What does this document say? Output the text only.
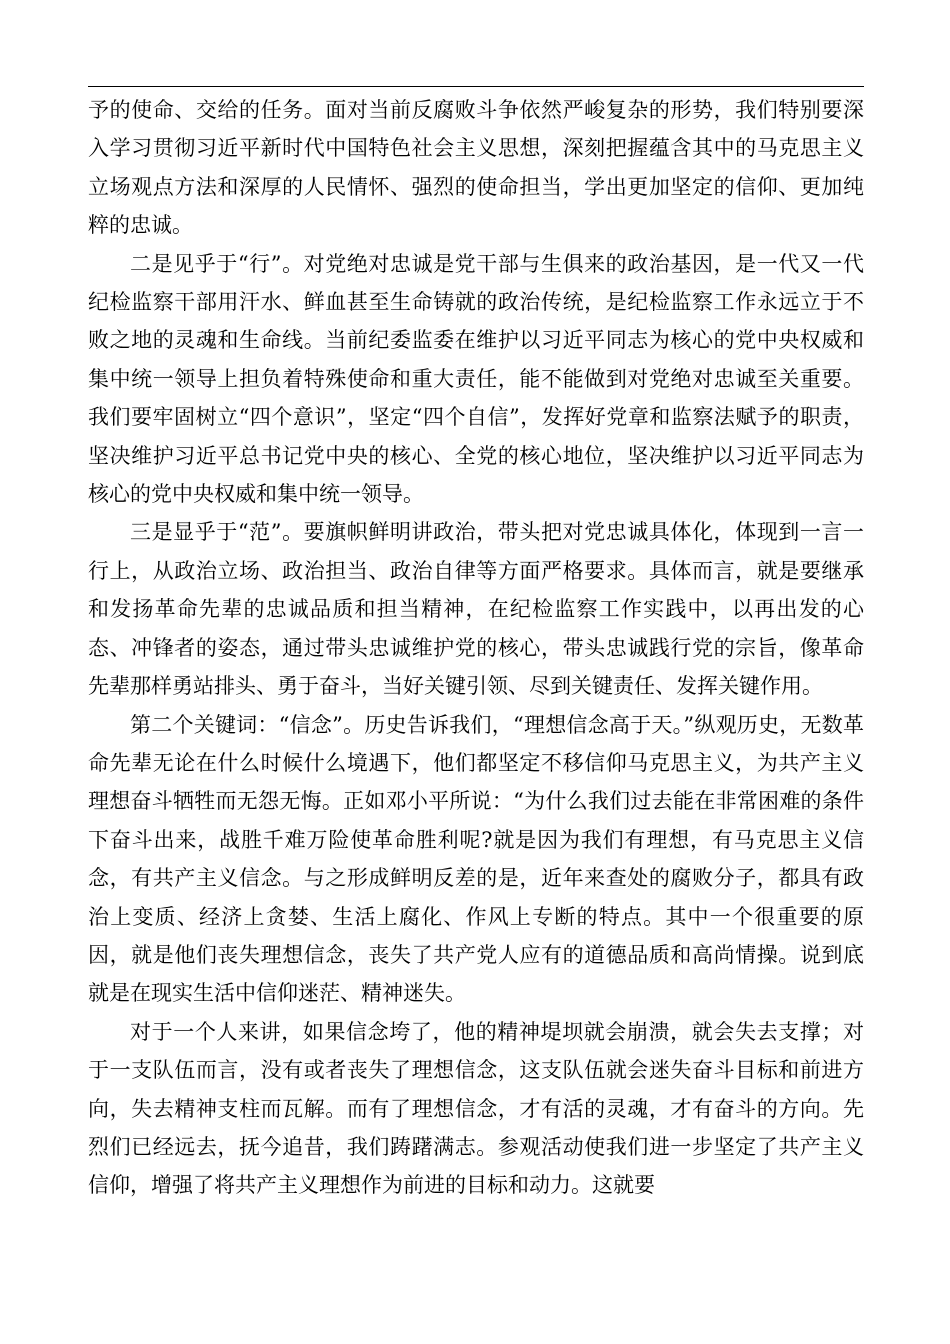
予的使命、交给的任务。面对当前反腐败斗争依然严峻复杂的形势，我们特别要深入学习贯彻习近平新时代中国特色社会主义思想，深刻把握蕴含其中的马克思主义立场观点方法和深厚的人民情怀、强烈的使命担当，学出更加坚定的信仰、更加纯粹的忠诚。

二是见乎于“行”。对党绝对忠诚是党干部与生俱来的政治基因，是一代又一代纪检监察干部用汗水、鲜血甚至生命铸就的政治传统，是纪检监察工作永远立于不败之地的灵魂和生命线。当前纪委监委在维护以习近平同志为核心的党中央权威和集中统一领导上担负着特殊使命和重大责任，能不能做到对党绝对忠诚至关重要。我们要牢固树立“四个意识”，坚定“四个自信”，发挥好党章和监察法赋予的职责，坚决维护习近平总书记党中央的核心、全党的核心地位，坚决维护以习近平同志为核心的党中央权威和集中统一领导。

三是显乎于“范”。要旗帜鲜明讲政治，带头把对党忠诚具体化，体现到一言一行上，从政治立场、政治担当、政治自律等方面严格要求。具体而言，就是要继承和发扬革命先辈的忠诚品质和担当精神，在纪检监察工作实践中，以再出发的心态、冲锋者的姿态，通过带头忠诚维护党的核心，带头忠诚践行党的宗旨，像革命先辈那样勇站排头、勇于奋斗，当好关键引领、尽到关键责任、发挥关键作用。

第二个关键词：“信念”。历史告诉我们，“理想信念高于天。”纵观历史，无数革命先辈无论在什么时候什么境遇下，他们都坚定不移信仰马克思主义，为共产主义理想奋斗牺牲而无怨无悔。正如邓小平所说：“为什么我们过去能在非常困难的条件下奋斗出来，战胜千难万险使革命胜利呢?就是因为我们有理想，有马克思主义信念，有共产主义信念。与之形成鲜明反差的是，近年来查处的腐败分子，都具有政治上变质、经济上贪婪、生活上腐化、作风上专断的特点。其中一个很重要的原因，就是他们丧失理想信念，丧失了共产党人应有的道德品质和高尚情操。说到底就是在现实生活中信仰迷茫、精神迷失。

对于一个人来讲，如果信念垮了，他的精神堤坝就会崩溃，就会失去支撑；对于一支队伍而言，没有或者丧失了理想信念，这支队伍就会迷失奋斗目标和前进方向，失去精神支柱而瓦解。而有了理想信念，才有活的灵魂，才有奋斗的方向。先烈们已经远去，抚今追昔，我们踌躇满志。参观活动使我们进一步坚定了共产主义信仰，增强了将共产主义理想作为前进的目标和动力。这就要
